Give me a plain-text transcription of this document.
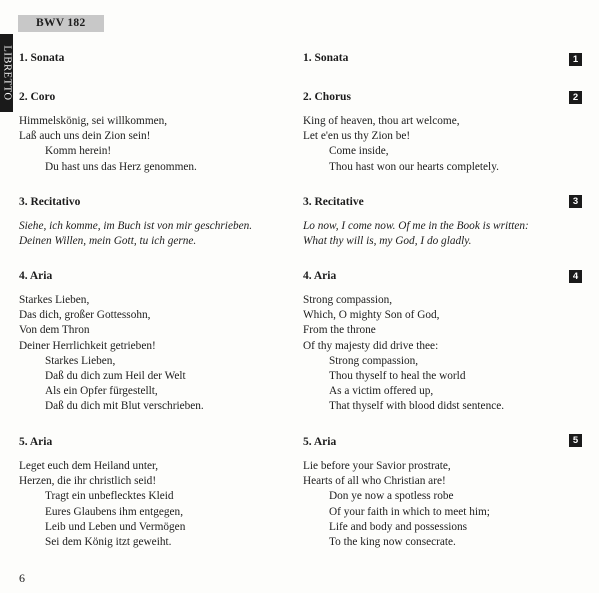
BWV 182
LIBRETTO 1. Sonata
2. Coro
Himmelskönig, sei willkommen,
Laß auch uns dein Zion sein!
Komm herein!
Du hast uns das Herz genommen.
3. Recitativo
Siehe, ich komme, im Buch ist von mir geschrieben.
Deinen Willen, mein Gott, tu ich gerne.
4. Aria
Starkes Lieben,
Das dich, großer Gottessohn,
Von dem Thron
Deiner Herrlichkeit getrieben!
Starkes Lieben,
Daß du dich zum Heil der Welt
Als ein Opfer fürgestellt,
Daß du dich mit Blut verschrieben.
5. Aria
Leget euch dem Heiland unter,
Herzen, die ihr christlich seid!
Tragt ein unbeflecktes Kleid
Eures Glaubens ihm entgegen,
Leib und Leben und Vermögen
Sei dem König itzt geweiht.
1. Sonata
2. Chorus
King of heaven, thou art welcome,
Let e'en us thy Zion be!
Come inside,
Thou hast won our hearts completely.
3. Recitative
Lo now, I come now. Of me in the Book is written:
What thy will is, my God, I do gladly.
4. Aria
Strong compassion,
Which, O mighty Son of God,
From the throne
Of thy majesty did drive thee:
Strong compassion,
Thou thyself to heal the world
As a victim offered up,
That thyself with blood didst sentence.
5. Aria
Lie before your Savior prostrate,
Hearts of all who Christian are!
Don ye now a spotless robe
Of your faith in which to meet him;
Life and body and possessions
To the king now consecrate.
1
2
3
4
5
6
